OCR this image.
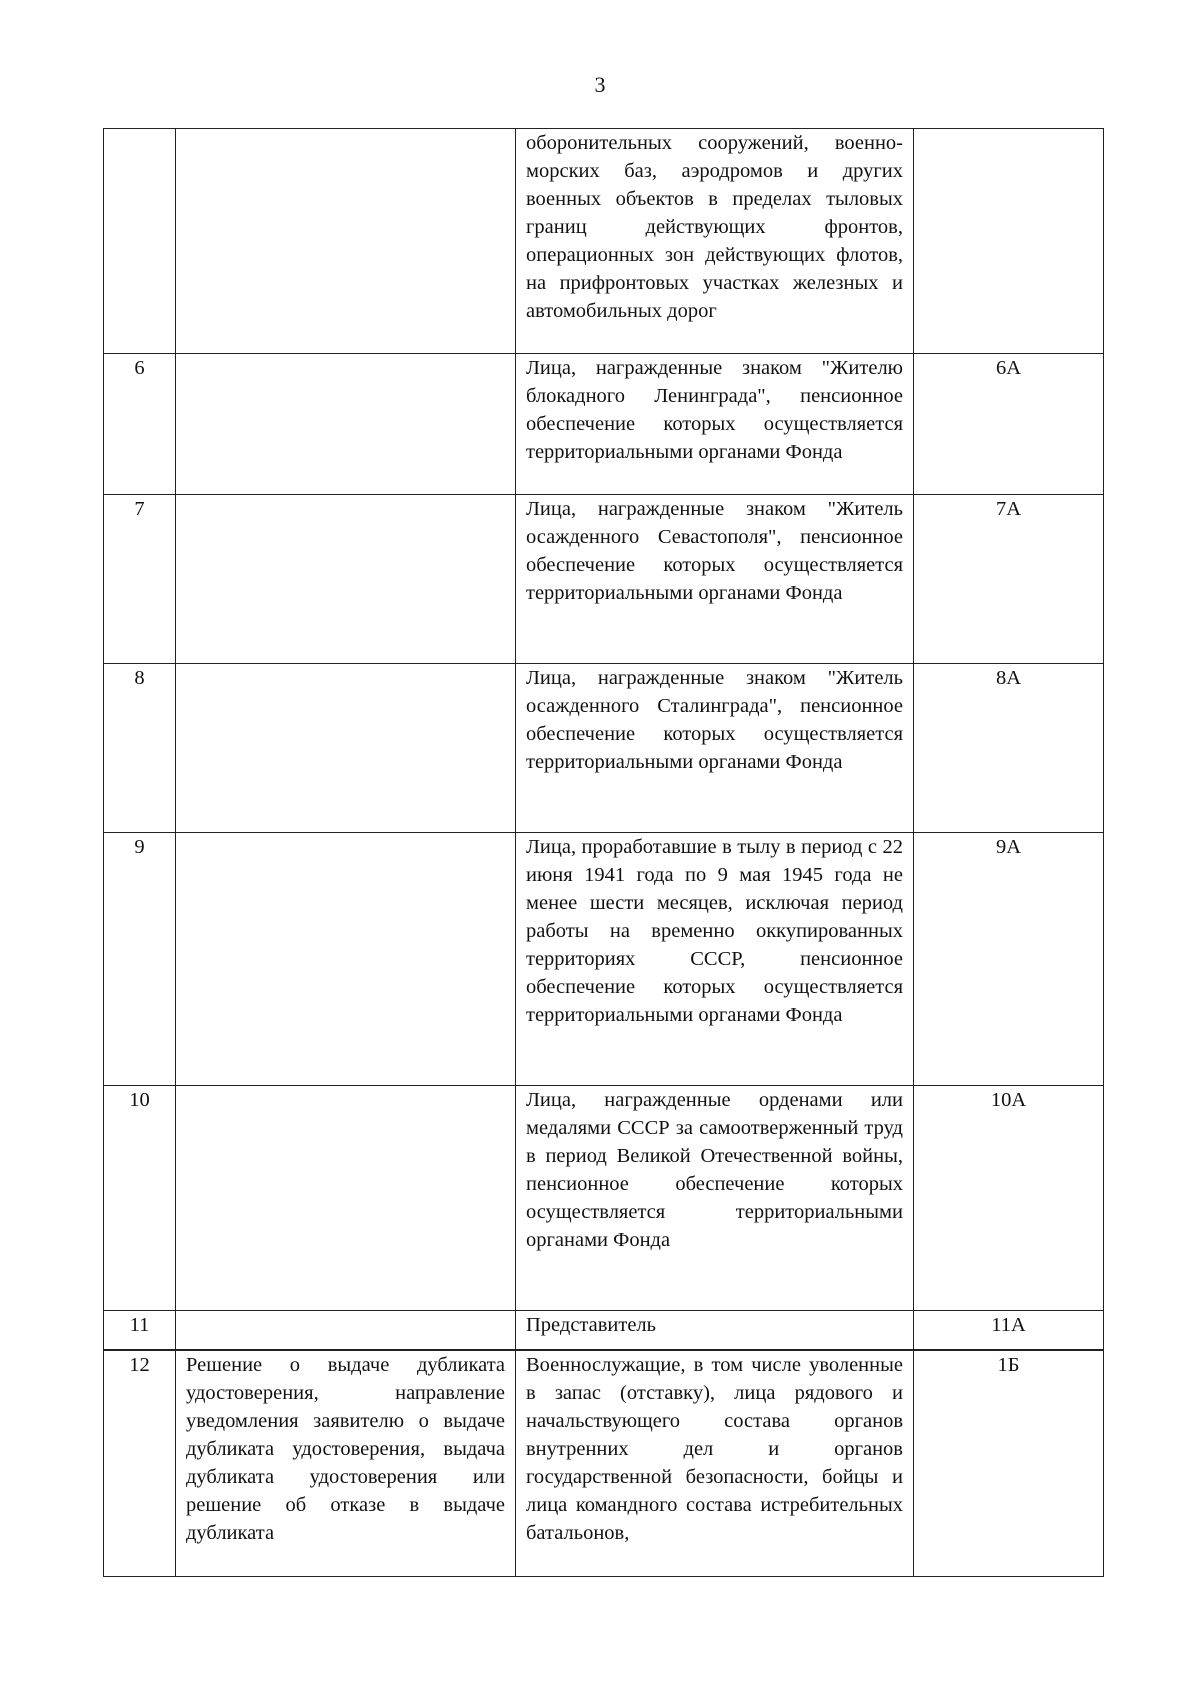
3
		оборонительных сооружений, военно-морских баз, аэродромов и других военных объектов в пределах тыловых границ действующих фронтов, операционных зон действующих флотов, на прифронтовых участках железных и автомобильных дорог	
6		Лица, награжденные знаком "Жителю блокадного Ленинграда", пенсионное обеспечение которых осуществляется территориальными органами Фонда	6А
7		Лица, награжденные знаком "Житель осажденного Севастополя", пенсионное обеспечение которых осуществляется территориальными органами Фонда	7А
8		Лица, награжденные знаком "Житель осажденного Сталинграда", пенсионное обеспечение которых осуществляется территориальными органами Фонда	8А
9		Лица, проработавшие в тылу в период с 22 июня 1941 года по 9 мая 1945 года не менее шести месяцев, исключая период работы на временно оккупированных территориях СССР, пенсионное обеспечение которых осуществляется территориальными органами Фонда	9А
10		Лица, награжденные орденами или медалями СССР за самоотверженный труд в период Великой Отечественной войны, пенсионное обеспечение которых осуществляется территориальными органами Фонда	10А
11		Представитель	11А
12	Решение о выдаче дубликата удостоверения, направление уведомления заявителю о выдаче дубликата удостоверения, выдача дубликата удостоверения или решение об отказе в выдаче дубликата	Военнослужащие, в том числе уволенные в запас (отставку), лица рядового и начальствующего состава органов внутренних дел и органов государственной безопасности, бойцы и лица командного состава истребительных батальонов,	1Б
